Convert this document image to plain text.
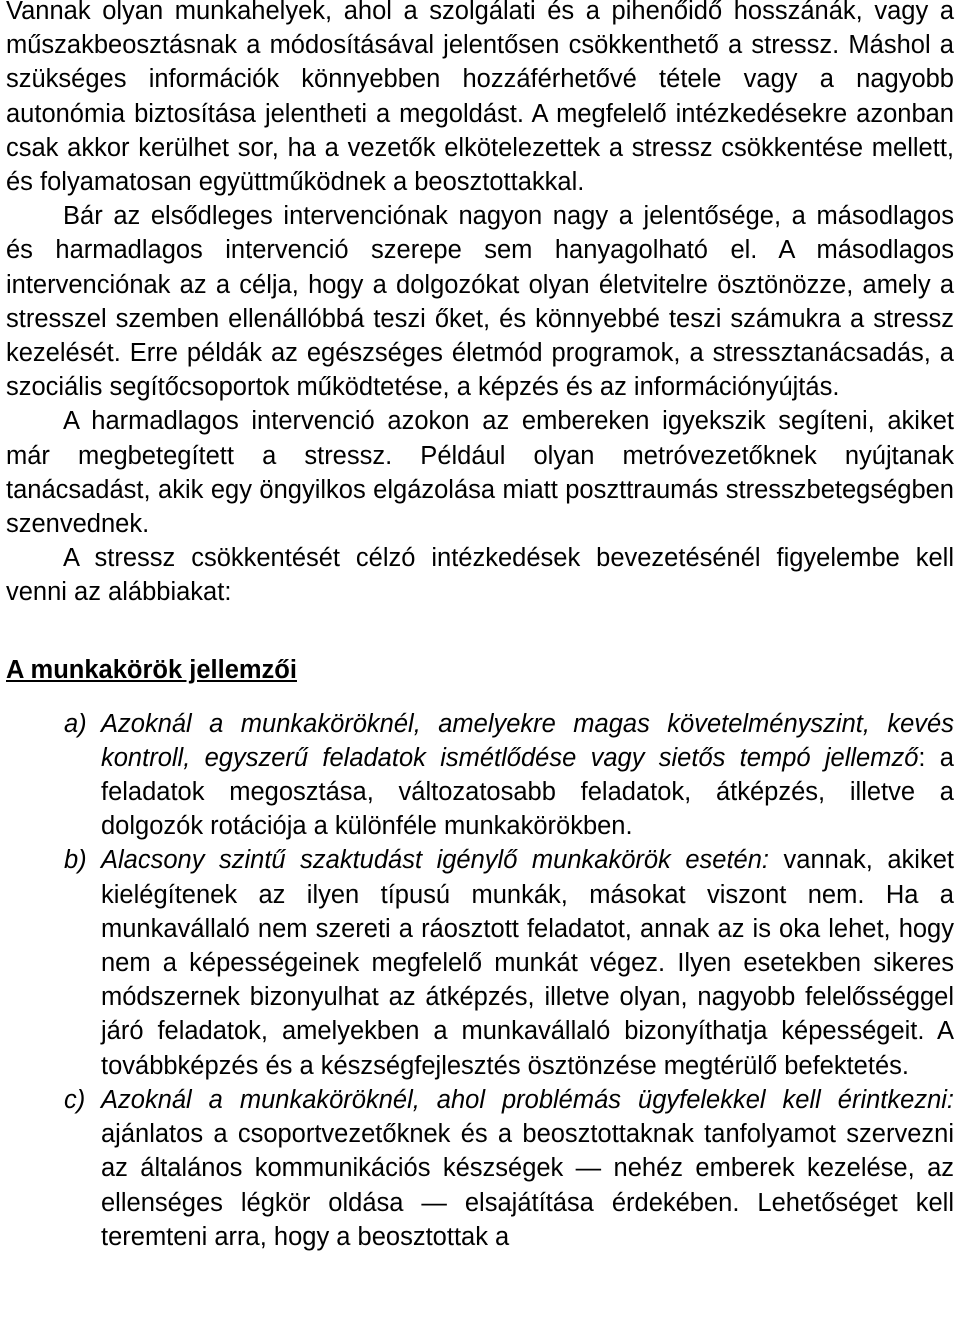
Vannak olyan munkahelyek, ahol a szolgálati és a pihenőidő hosszánák, vagy a műszakbeosztásnak a módosításával jelentősen csökkenthető a stressz. Máshol a szükséges információk könnyebben hozzáférhetővé tétele vagy a nagyobb autonómia biztosítása jelentheti a megoldást. A megfelelő intézkedésekre azonban csak akkor kerülhet sor, ha a vezetők elkötelezettek a stressz csökkentése mellett, és folyamatosan együttműködnek a beosztottakkal.

Bár az elsődleges intervenciónak nagyon nagy a jelentősége, a másodlagos és harmadlagos intervenció szerepe sem hanyagolható el. A másodlagos intervenciónak az a célja, hogy a dolgozókat olyan életvitelre ösztönözze, amely a stresszel szemben ellenállóbbá teszi őket, és könnyebbé teszi számukra a stressz kezelését. Erre példák az egészséges életmód programok, a stressztanácsadás, a szociális segítőcsoportok működtetése, a képzés és az információnyújtás.

A harmadlagos intervenció azokon az embereken igyekszik segíteni, akiket már megbetegített a stressz. Például olyan metróvezetőknek nyújtanak tanácsadást, akik egy öngyilkos elgázolása miatt poszttraumás stresszbetegségben szenvednek.

A stressz csökkentését célzó intézkedések bevezetésénél figyelembe kell venni az alábbiakat:

A munkakörök jellemzői
a) Azoknál a munkaköröknél, amelyekre magas követelményszint, kevés kontroll, egyszerű feladatok ismétlődése vagy sietős tempó jellemző: a feladatok megosztása, változatosabb feladatok, átképzés, illetve a dolgozók rotációja a különféle munkakörökben.
b) Alacsony szintű szaktudást igénylő munkakörök esetén: vannak, akiket kielégítenek az ilyen típusú munkák, másokat viszont nem. Ha a munkavállaló nem szereti a ráosztott feladatot, annak az is oka lehet, hogy nem a képességeinek megfelelő munkát végez. Ilyen esetekben sikeres módszernek bizonyulhat az átképzés, illetve olyan, nagyobb felelősséggel járó feladatok, amelyekben a munkavállaló bizonyíthatja képességeit. A továbbképzés és a készségfejlesztés ösztönzése megtérülő befektetés.
c) Azoknál a munkaköröknél, ahol problémás ügyfelekkel kell érintkezni: ajánlatos a csoportvezetőknek és a beosztottaknak tanfolyamot szervezni az általános kommunikációs készségek — nehéz emberek kezelése, az ellenséges légkör oldása — elsajátítása érdekében. Lehetőséget kell teremteni arra, hogy a beosztottak a
